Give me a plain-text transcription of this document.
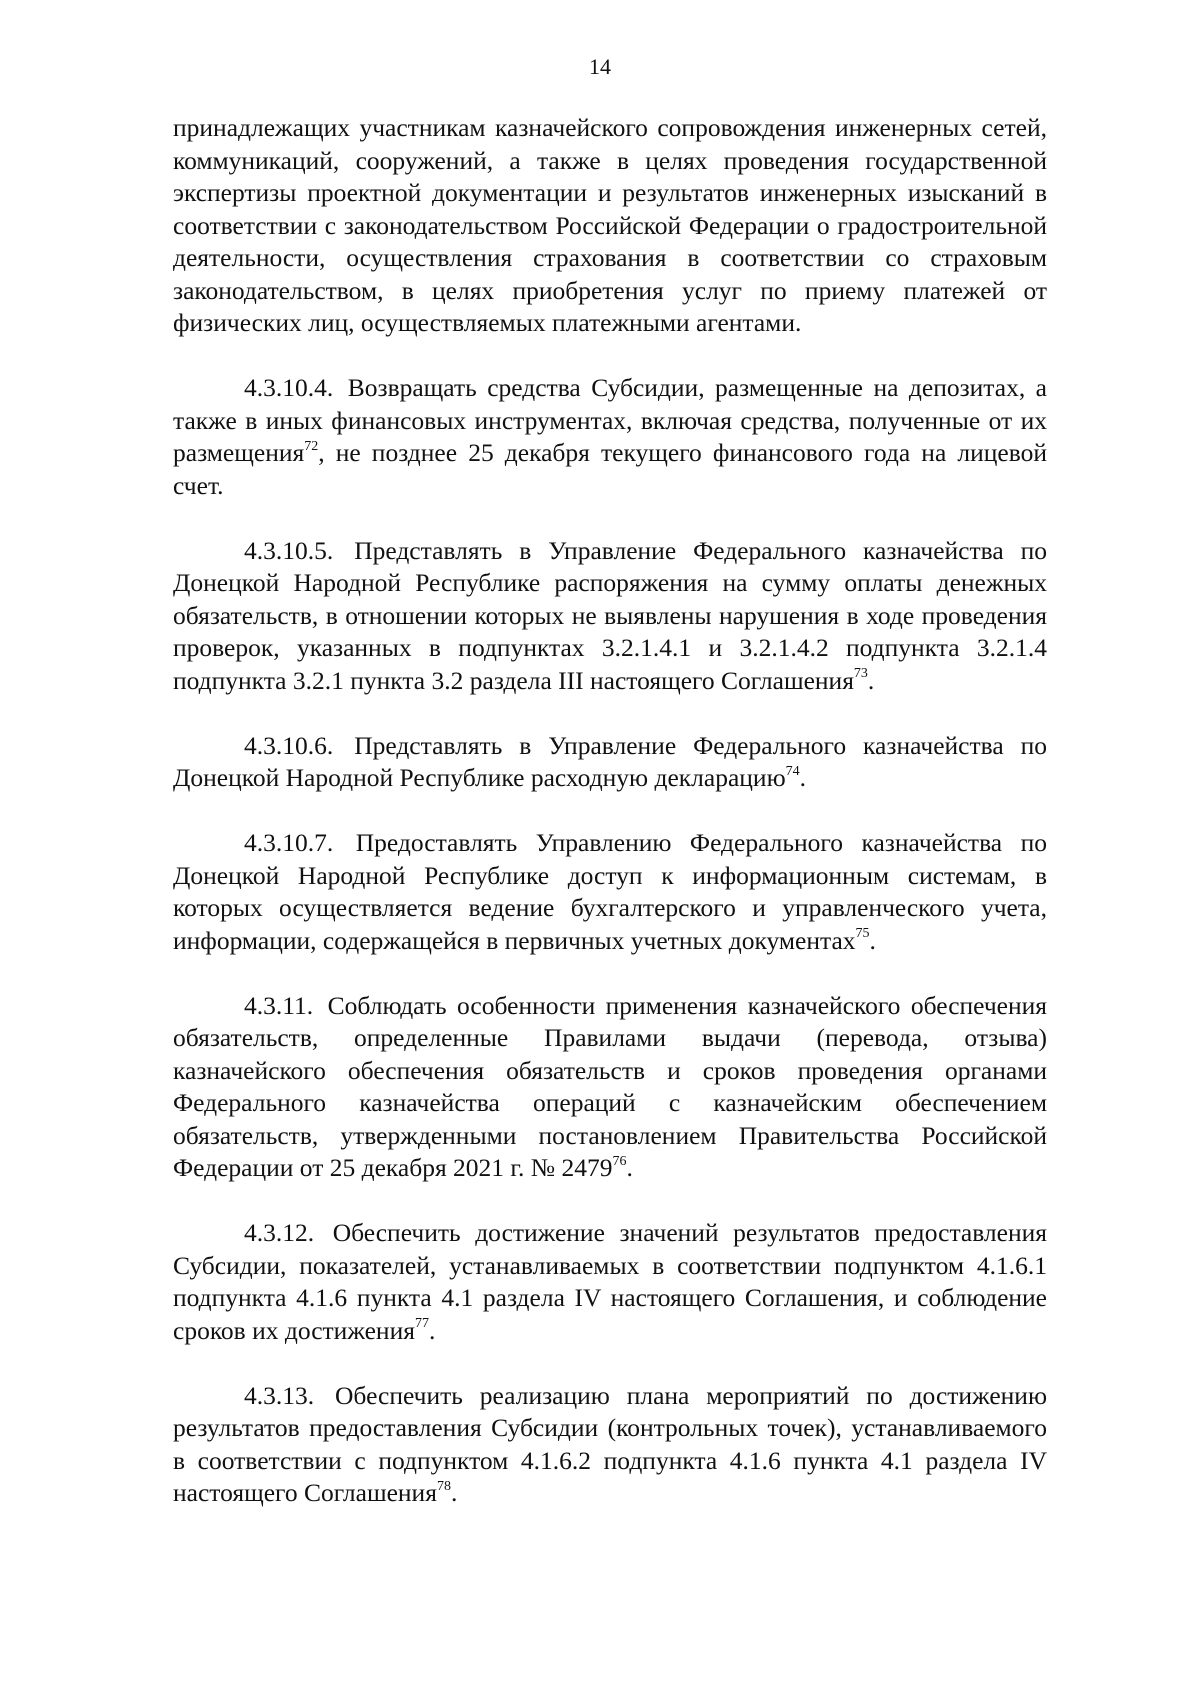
14

принадлежащих участникам казначейского сопровождения инженерных сетей, коммуникаций, сооружений, а также в целях проведения государственной экспертизы проектной документации и результатов инженерных изысканий в соответствии с законодательством Российской Федерации о градостроительной деятельности, осуществления страхования в соответствии со страховым законодательством, в целях приобретения услуг по приему платежей от физических лиц, осуществляемых платежными агентами.

4.3.10.4. Возвращать средства Субсидии, размещенные на депозитах, а также в иных финансовых инструментах, включая средства, полученные от их размещения$^{72}$, не позднее 25 декабря текущего финансового года на лицевой счет.

4.3.10.5. Представлять в Управление Федерального казначейства по Донецкой Народной Республике распоряжения на сумму оплаты денежных обязательств, в отношении которых не выявлены нарушения в ходе проведения проверок, указанных в подпунктах 3.2.1.4.1 и 3.2.1.4.2 подпункта 3.2.1.4 подпункта 3.2.1 пункта 3.2 раздела III настоящего Соглашения$^{73}$.

4.3.10.6. Представлять в Управление Федерального казначейства по Донецкой Народной Республике расходную декларацию$^{74}$.

4.3.10.7. Предоставлять Управлению Федерального казначейства по Донецкой Народной Республике доступ к информационным системам, в которых осуществляется ведение бухгалтерского и управленческого учета, информации, содержащейся в первичных учетных документах$^{75}$.

4.3.11. Соблюдать особенности применения казначейского обеспечения обязательств, определенные Правилами выдачи (перевода, отзыва) казначейского обеспечения обязательств и сроков проведения органами Федерального казначейства операций с казначейским обеспечением обязательств, утвержденными постановлением Правительства Российской Федерации от 25 декабря 2021 г. № 2479$^{76}$.

4.3.12. Обеспечить достижение значений результатов предоставления Субсидии, показателей, устанавливаемых в соответствии подпунктом 4.1.6.1 подпункта 4.1.6 пункта 4.1 раздела IV настоящего Соглашения, и соблюдение сроков их достижения$^{77}$.

4.3.13. Обеспечить реализацию плана мероприятий по достижению результатов предоставления Субсидии (контрольных точек), устанавливаемого в соответствии с подпунктом 4.1.6.2 подпункта 4.1.6 пункта 4.1 раздела IV настоящего Соглашения$^{78}$.
